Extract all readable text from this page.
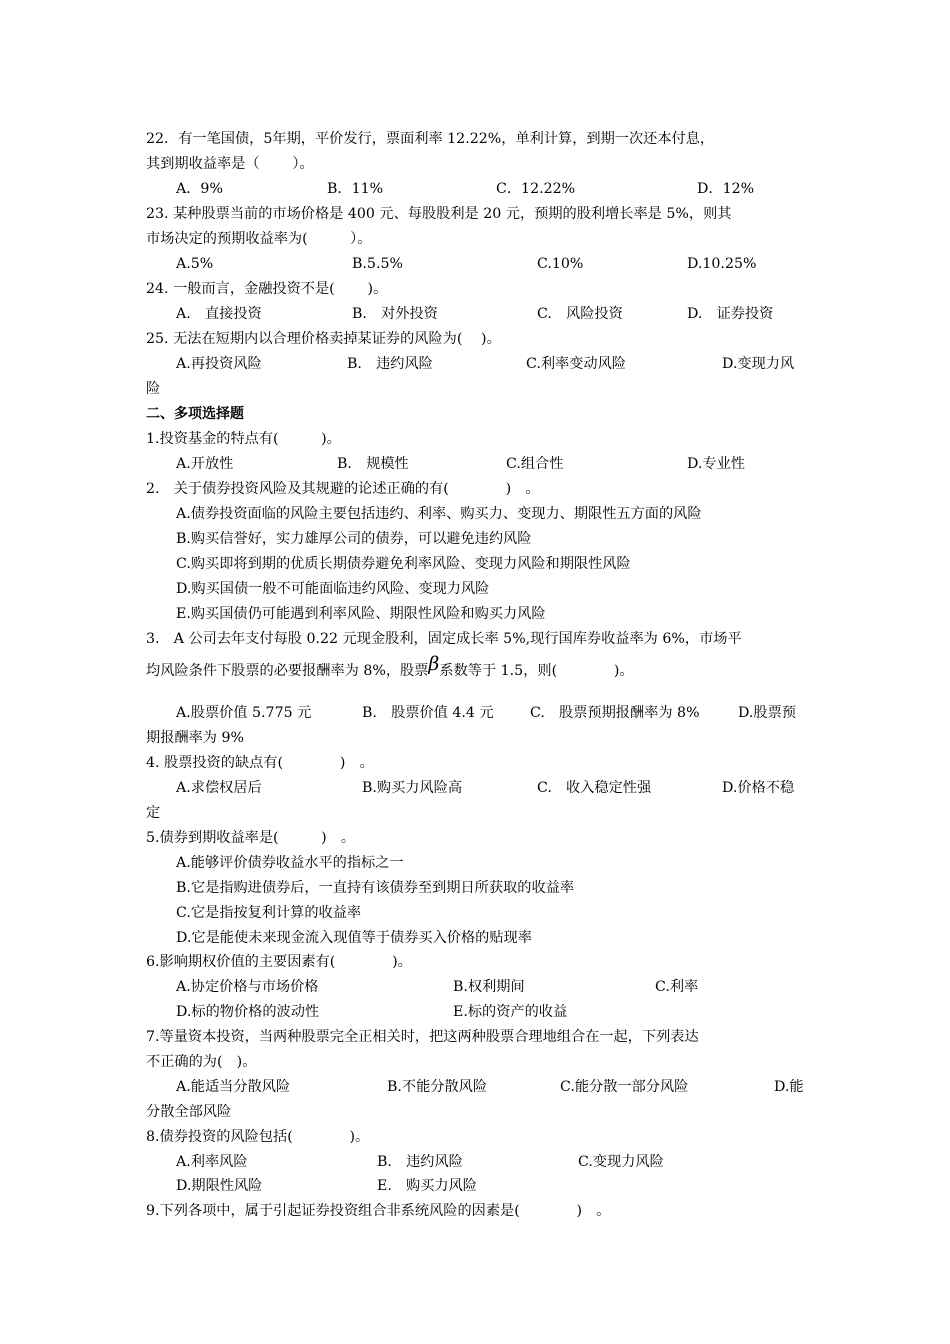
22．有一笔国债，5年期，平价发行，票面利率 12.22%，单利计算，到期一次还本付息，
其到期收益率是（　　 ）。
A．9%	B．11%	C．12.22%	D．12%
23. 某种股票当前的市场价格是 400 元、每股股利是 20 元，预期的股利增长率是 5%，则其
市场决定的预期收益率为(　　　）。
A.5%	B.5.5%	C.10%	D.10.25%
24. 一般而言，金融投资不是(　　 )。
A.　直接投资	B.　对外投资	C.　风险投资	D.　证券投资
25. 无法在短期内以合理价格卖掉某证券的风险为(　 )。
A.再投资风险	B.　违约风险	C.利率变动风险	D.变现力风
险
二、多项选择题
1.投资基金的特点有(　　　)。
A.开放性	B.　规模性	C.组合性	D.专业性
2.　关于债券投资风险及其规避的论述正确的有(　　　　)　。
A.债券投资面临的风险主要包括违约、利率、购买力、变现力、期限性五方面的风险
B.购买信誉好，实力雄厚公司的债券，可以避免违约风险
C.购买即将到期的优质长期债券避免利率风险、变现力风险和期限性风险
D.购买国债一般不可能面临违约风险、变现力风险
E.购买国债仍可能遇到利率风险、期限性风险和购买力风险
3.　A 公司去年支付每股 0.22 元现金股利，固定成长率 5%,现行国库券收益率为 6%，市场平
均风险条件下股票的必要报酬率为 8%，股票β系数等于 1.5，则(　　　　)。
A.股票价值 5.775 元	B.　股票价值 4.4 元	C.　股票预期报酬率为 8%	D.股票预
期报酬率为 9%
4. 股票投资的缺点有(　　　　)　。
A.求偿权居后	B.购买力风险高	C.　收入稳定性强	D.价格不稳
定
5.债券到期收益率是(　　　)　。
A.能够评价债券收益水平的指标之一
B.它是指购进债券后，一直持有该债券至到期日所获取的收益率
C.它是指按复利计算的收益率
D.它是能使未来现金流入现值等于债券买入价格的贴现率
6.影响期权价值的主要因素有(　　　　)。
A.协定价格与市场价格	B.权利期间	C.利率
D.标的物价格的波动性	E.标的资产的收益
7.等量资本投资，当两种股票完全正相关时，把这两种股票合理地组合在一起，下列表达
不正确的为(　)。
A.能适当分散风险	B.不能分散风险	C.能分散一部分风险	D.能
分散全部风险
8.债券投资的风险包括(　　　　)。
A.利率风险	B.　违约风险	C.变现力风险
D.期限性风险	E.　购买力风险
9.下列各项中，属于引起证券投资组合非系统风险的因素是(　　　　)　。
